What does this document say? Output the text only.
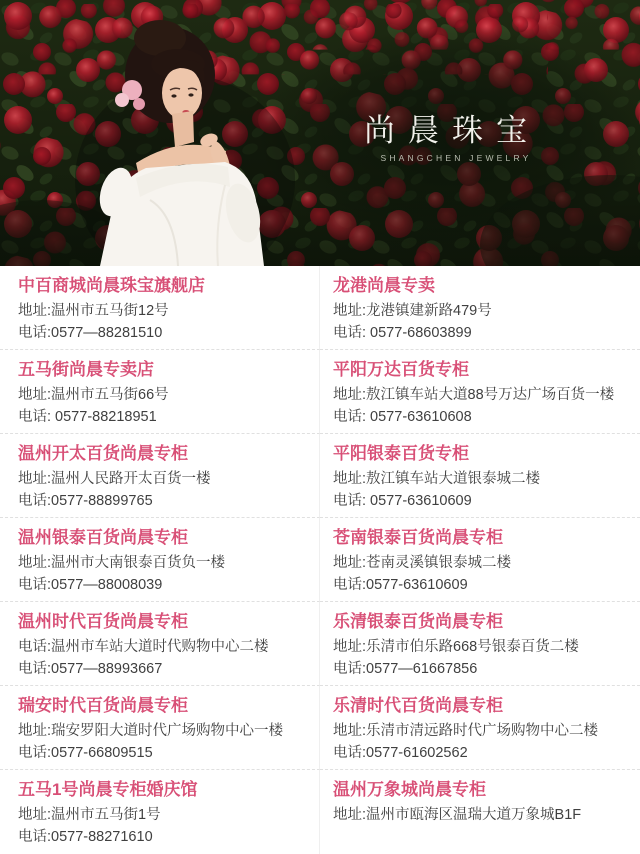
尚晨珠宝
SHANGCHEN JEWELRY
中百商城尚晨珠宝旗舰店
地址:温州市五马街12号
电话:0577—88281510
龙港尚晨专卖
地址:龙港镇建新路479号
电话: 0577-68603899
五马街尚晨专卖店
地址:温州市五马街66号
电话: 0577-88218951
平阳万达百货专柜
地址:敖江镇车站大道88号万达广场百货一楼
电话: 0577-63610608
温州开太百货尚晨专柜
地址:温州人民路开太百货一楼
电话:0577-88899765
平阳银泰百货专柜
地址:敖江镇车站大道银泰城二楼
电话: 0577-63610609
温州银泰百货尚晨专柜
地址:温州市大南银泰百货负一楼
电话:0577—88008039
苍南银泰百货尚晨专柜
地址:苍南灵溪镇银泰城二楼
电话:0577-63610609
温州时代百货尚晨专柜
电话:温州市车站大道时代购物中心二楼
电话:0577—88993667
乐清银泰百货尚晨专柜
地址:乐清市伯乐路668号银泰百货二楼
电话:0577—61667856
瑞安时代百货尚晨专柜
地址:瑞安罗阳大道时代广场购物中心一楼
电话:0577-66809515
乐清时代百货尚晨专柜
地址:乐清市清远路时代广场购物中心二楼
电话:0577-61602562
五马1号尚晨专柜婚庆馆
地址:温州市五马街1号
电话:0577-88271610
温州万象城尚晨专柜
地址:温州市瓯海区温瑞大道万象城B1F
